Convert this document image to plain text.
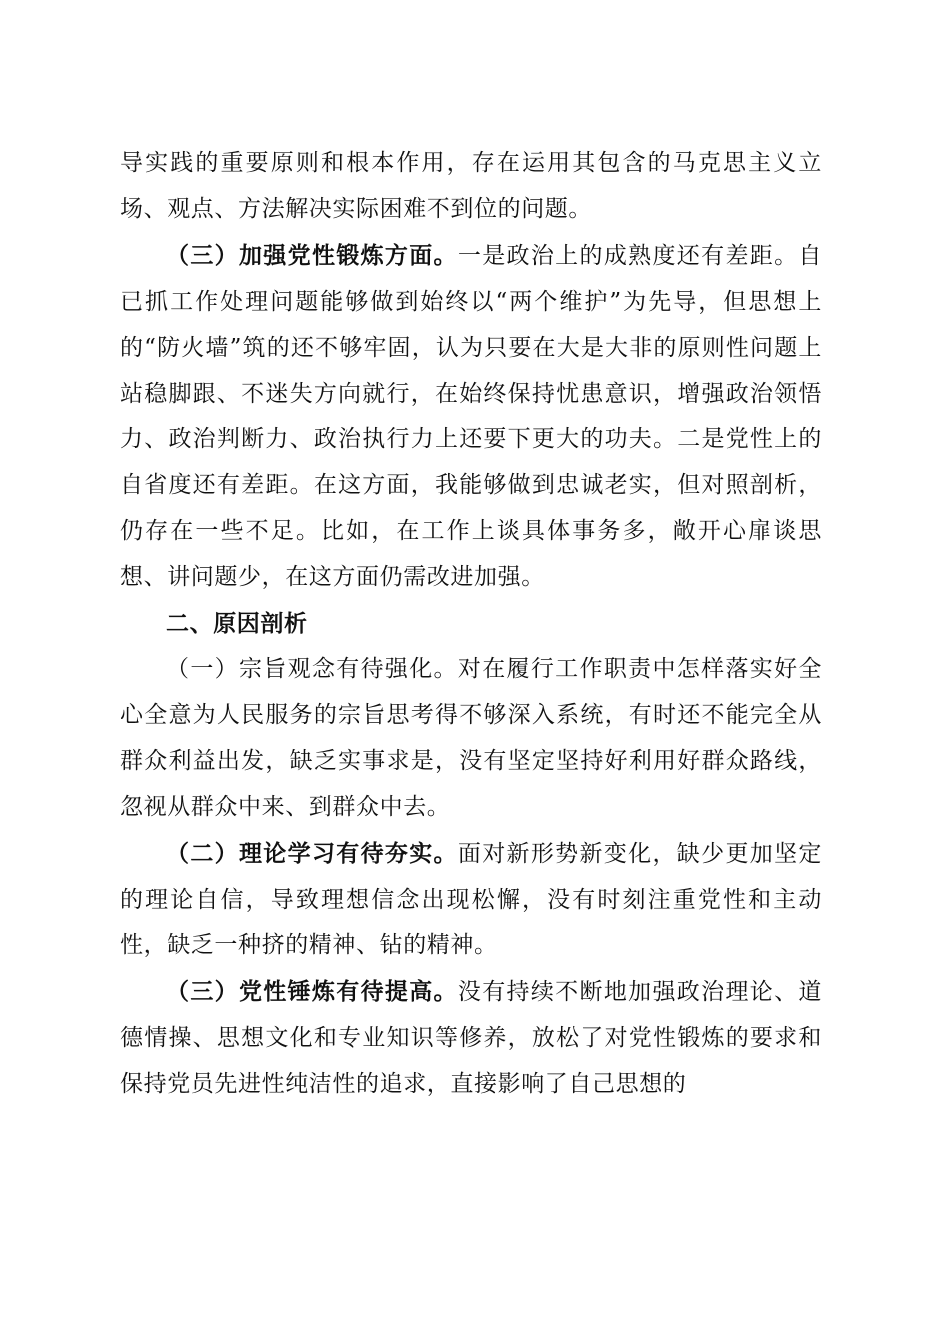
导实践的重要原则和根本作用，存在运用其包含的马克思主义立场、观点、方法解决实际困难不到位的问题。

（三）加强党性锻炼方面。一是政治上的成熟度还有差距。自已抓工作处理问题能够做到始终以“两个维护”为先导，但思想上的“防火墙”筑的还不够牢固，认为只要在大是大非的原则性问题上站稳脚跟、不迷失方向就行，在始终保持忧患意识，增强政治领悟力、政治判断力、政治执行力上还要下更大的功夫。二是党性上的自省度还有差距。在这方面，我能够做到忠诚老实，但对照剖析，仍存在一些不足。比如，在工作上谈具体事务多，敞开心扉谈思想、讲问题少，在这方面仍需改进加强。

二、原因剖析

（一）宗旨观念有待强化。对在履行工作职责中怎样落实好全心全意为人民服务的宗旨思考得不够深入系统，有时还不能完全从群众利益出发，缺乏实事求是，没有坚定坚持好利用好群众路线，忽视从群众中来、到群众中去。

（二）理论学习有待夯实。面对新形势新变化，缺少更加坚定的理论自信，导致理想信念出现松懈，没有时刻注重党性和主动性，缺乏一种挤的精神、钻的精神。

（三）党性锤炼有待提高。没有持续不断地加强政治理论、道德情操、思想文化和专业知识等修养，放松了对党性锻炼的要求和保持党员先进性纯洁性的追求，直接影响了自己思想的
